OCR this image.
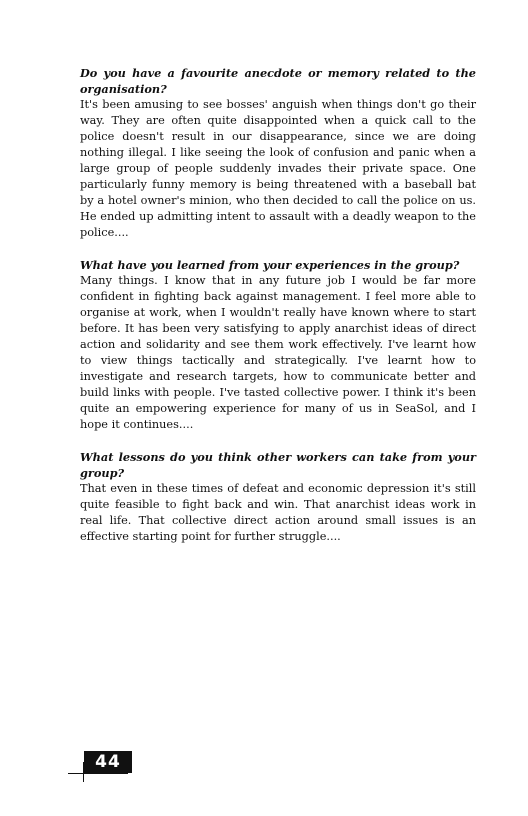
Do you have a favourite anecdote or memory related to the organisation?

It's been amusing to see bosses' anguish when things don't go their way. They are often quite disappointed when a quick call to the police doesn't result in our disappearance, since we are doing nothing illegal. I like seeing the look of confusion and panic when a large group of people suddenly invades their private space. One particularly funny memory is being threatened with a baseball bat by a hotel owner's minion, who then decided to call the police on us. He ended up admitting intent to assault with a deadly weapon to the police....

What have you learned from your experiences in the group?

Many things. I know that in any future job I would be far more confident in fighting back against management. I feel more able to organise at work, when I wouldn't really have known where to start before. It has been very satisfying to apply anarchist ideas of direct action and solidarity and see them work effectively. I've learnt how to view things tactically and strategically. I've learnt how to investigate and research targets, how to communicate better and build links with people. I've tasted collective power. I think it's been quite an empowering experience for many of us in SeaSol, and I hope it continues....

What lessons do you think other workers can take from your group?

That even in these times of defeat and economic depression it's still quite feasible to fight back and win. That anarchist ideas work in real life. That collective direct action around small issues is an effective starting point for further struggle....

44
